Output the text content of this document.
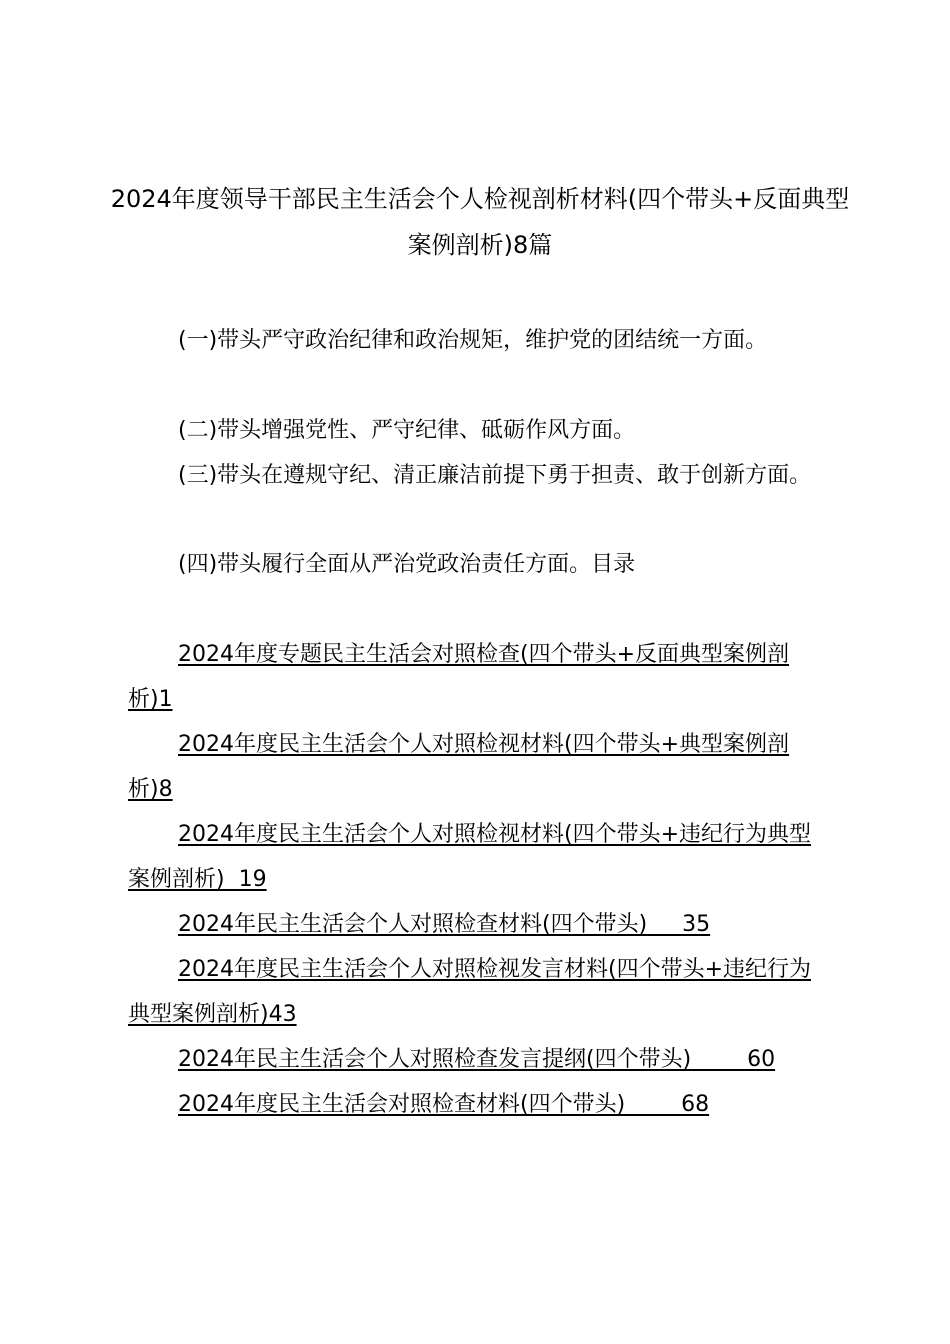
2024年度领导干部民主生活会个人检视剖析材料(四个带头+反面典型案例剖析)8篇

(一)带头严守政治纪律和政治规矩，维护党的团结统一方面。

(二)带头增强党性、严守纪律、砥砺作风方面。

(三)带头在遵规守纪、清正廉洁前提下勇于担责、敢于创新方面。

(四)带头履行全面从严治党政治责任方面。目录

2024年度专题民主生活会对照检查(四个带头+反面典型案例剖析)1
2024年度民主生活会个人对照检视材料(四个带头+典型案例剖析)8
2024年度民主生活会个人对照检视材料(四个带头+违纪行为典型案例剖析)  19
2024年民主生活会个人对照检查材料(四个带头)     35
2024年度民主生活会个人对照检视发言材料(四个带头+违纪行为典型案例剖析)43
2024年民主生活会个人对照检查发言提纲(四个带头)        60
2024年度民主生活会对照检查材料(四个带头)        68
